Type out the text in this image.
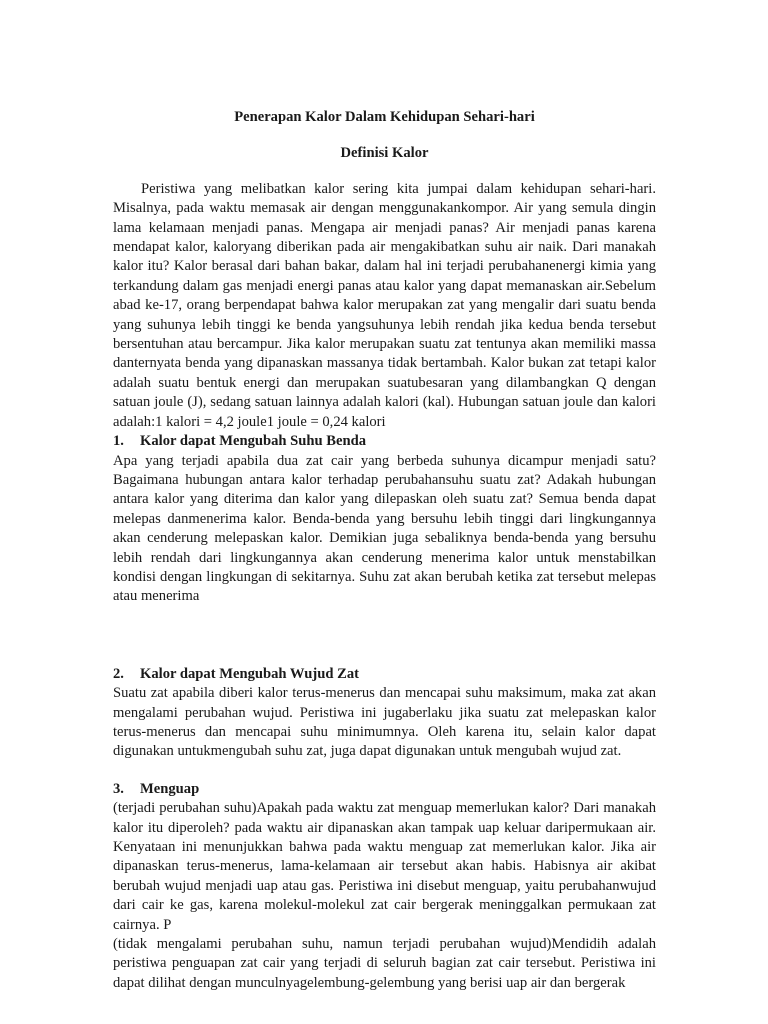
Penerapan Kalor Dalam Kehidupan Sehari-hari
Definisi Kalor

Peristiwa yang melibatkan kalor sering kita jumpai dalam kehidupan sehari-hari. Misalnya, pada waktu memasak air dengan menggunakankompor. Air yang semula dingin lama kelamaan menjadi panas. Mengapa air menjadi panas? Air menjadi panas karena mendapat kalor, kaloryang diberikan pada air mengakibatkan suhu air naik. Dari manakah kalor itu? Kalor berasal dari bahan bakar, dalam hal ini terjadi perubahanenergi kimia yang terkandung dalam gas menjadi energi panas atau kalor yang dapat memanaskan air.Sebelum abad ke-17, orang berpendapat bahwa kalor merupakan zat yang mengalir dari suatu benda yang suhunya lebih tinggi ke benda yangsuhunya lebih rendah jika kedua benda tersebut bersentuhan atau bercampur. Jika kalor merupakan suatu zat tentunya akan memiliki massa danternyata benda yang dipanaskan massanya tidak bertambah. Kalor bukan zat tetapi kalor adalah suatu bentuk energi dan merupakan suatubesaran yang dilambangkan Q dengan satuan joule (J), sedang satuan lainnya adalah kalori (kal). Hubungan satuan joule dan kalori adalah:1 kalori = 4,2 joule1 joule = 0,24 kalori

1.	Kalor dapat Mengubah Suhu Benda

Apa yang terjadi apabila dua zat cair yang berbeda suhunya dicampur menjadi satu? Bagaimana hubungan antara kalor terhadap perubahansuhu suatu zat? Adakah hubungan antara kalor yang diterima dan kalor yang dilepaskan oleh suatu zat? Semua benda dapat melepas danmenerima kalor. Benda-benda yang bersuhu lebih tinggi dari lingkungannya akan cenderung melepaskan kalor. Demikian juga sebaliknya benda-benda yang bersuhu lebih rendah dari lingkungannya akan cenderung menerima kalor untuk menstabilkan kondisi dengan lingkungan di sekitarnya. Suhu zat akan berubah ketika zat tersebut melepas atau menerima

2.	Kalor dapat Mengubah Wujud Zat

Suatu zat apabila diberi kalor terus-menerus dan mencapai suhu maksimum, maka zat akan mengalami perubahan wujud. Peristiwa ini jugaberlaku jika suatu zat melepaskan kalor terus-menerus dan mencapai suhu minimumnya. Oleh karena itu, selain kalor dapat digunakan untukmengubah suhu zat, juga dapat digunakan untuk mengubah wujud zat.

3.	Menguap

(terjadi perubahan suhu)Apakah pada waktu zat menguap memerlukan kalor? Dari manakah kalor itu diperoleh? pada waktu air dipanaskan akan tampak uap keluar daripermukaan air. Kenyataan ini menunjukkan bahwa pada waktu menguap zat memerlukan kalor. Jika air dipanaskan terus-menerus, lama-kelamaan air tersebut akan habis. Habisnya air akibat berubah wujud menjadi uap atau gas. Peristiwa ini disebut menguap, yaitu perubahanwujud dari cair ke gas, karena molekul-molekul zat cair bergerak meninggalkan permukaan zat cairnya. P

(tidak mengalami perubahan suhu, namun terjadi perubahan wujud)Mendidih adalah peristiwa penguapan zat cair yang terjadi di seluruh bagian zat cair tersebut. Peristiwa ini dapat dilihat dengan munculnyagelembung-gelembung yang berisi uap air dan bergerak
